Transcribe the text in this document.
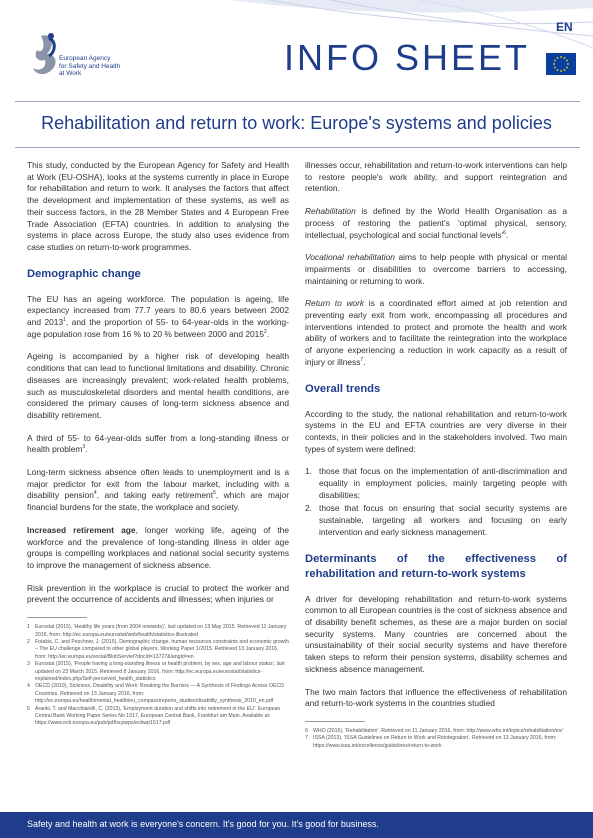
European Agency
for Safety and Health
at Work
EN
INFO SHEET
Rehabilitation and return to work: Europe's systems and policies

This study, conducted by the European Agency for Safety and Health at Work (EU-OSHA), looks at the systems currently in place in Europe for rehabilitation and return to work. It analyses the factors that affect the development and implementation of these systems, as well as their success factors, in the 28 Member States and 4 European Free Trade Association (EFTA) countries. In addition to analysing the systems in place across Europe, the study also uses evidence from case studies on return-to-work programmes.

Demographic change

The EU has an ageing workforce. The population is ageing, life expectancy increased from 77.7 years to 80.6 years between 2002 and 2013$^1$, and the proportion of 55- to 64-year-olds in the working-age population rose from 16 % to 20 % between 2000 and 2015$^2$.

Ageing is accompanied by a higher risk of developing health conditions that can lead to functional limitations and disability. Chronic diseases are increasingly prevalent; work-related health problems, such as musculoskeletal disorders and mental health conditions, are considered the primary causes of long-term sickness absence and disability retirement.

A third of 55- to 64-year-olds suffer from a long-standing illness or health problem$^3$.

Long-term sickness absence often leads to unemployment and is a major predictor for exit from the labour market, including with a disability pension$^4$, and taking early retirement$^5$, which are major financial burdens for the state, the workplace and society.

Increased retirement age, longer working life, ageing of the workforce and the prevalence of long-standing illness in older age groups is compelling workplaces and national social security systems to improve the management of sickness absence.

Risk prevention in the workplace is crucial to protect the worker and prevent the occurrence of accidents and illnesses; when injuries or

1 Eurostat (2015), 'Healthy life years (from 2004 onwards)', last updated on 13 May 2015. Retrieved 11 January 2016, from: http://ec.europa.eu/eurostat/web/health/statistics-illustrated
2 Fotakis, C. and Peschner, J. (2015), Demographic change, human resources constraints and economic growth – The EU challenge compared to other global players, Working Paper 1/2015. Retrieved 13 January 2016, from: http://ec.europa.eu/social/BlobServlet?docId=13727&langId=en
3 Eurostat (2015), 'People having a long-standing illness or health problem, by sex, age and labour status', last updated on 23 March 2015. Retrieved 8 January 2016, from: http://ec.europa.eu/eurostat/statistics-explained/index.php/Self-perceived_health_statistics
4 OECD (2010), Sickness, Disability and Work: Breaking the Barriers — A Synthesis of Findings Across OECD Countries. Retrieved on 13 January 2016, from: http://ec.europa.eu/health/mental_health/eu_compass/reports_studies/disability_synthesis_2010_en.pdf
5 Aranki, T. and Macchiarelli, C. (2013), 'Employment duration and shifts into retirement in the EU'. European Central Bank Working Paper Series No 1517, European Central Bank, Frankfurt am Main. Available at: https://www.ecb.europa.eu/pub/pdf/scpwps/ecbwp1517.pdf

illnesses occur, rehabilitation and return-to-work interventions can help to restore people's work ability, and support reintegration and retention.

Rehabilitation is defined by the World Health Organisation as a process of restoring the patient's 'optimal physical, sensory, intellectual, psychological and social functional $levels'^6$.

Vocational rehabilitation aims to help people with physical or mental impairments or disabilities to overcome barriers to accessing, maintaining or returning to work.

Return to work is a coordinated effort aimed at job retention and preventing early exit from work, encompassing all procedures and interventions intended to protect and promote the health and work ability of workers and to facilitate the reintegration into the workplace of anyone experiencing a reduction in work capacity as a result of injury or illness$^7$.

Overall trends

According to the study, the national rehabilitation and return-to-work systems in the EU and EFTA countries are very diverse in their contexts, in their policies and in the stakeholders involved. Two main types of system were defined:

1. those that focus on the implementation of anti-discrimination and equality in employment policies, mainly targeting people with disabilities;
2. those that focus on ensuring that social security systems are sustainable, targeting all workers and focusing on early intervention and early sickness management.
Determinants of the effectiveness of rehabilitation and return-to-work systems

A driver for developing rehabilitation and return-to-work systems common to all European countries is the cost of sickness absence and of disability benefit schemes, as these are a major burden on social security systems. Many countries are concerned about the unsustainability of their social security systems and have therefore taken steps to reform their pension systems, disability schemes and sickness absence management.

The two main factors that influence the effectiveness of rehabilitation and return-to-work systems in the countries studied

6 WHO (2016), 'Rehabilitation'. Retrieved on 11 January 2016, from: http://www.who.int/topics/rehabilitation/en/
7 ISSA (2013), 'ISSA Guidelines on Return to Work and Reintegration'. Retrieved on 13 January 2016, from: https://www.issa.int/excellence/guidelines/return-to-work
Safety and health at work is everyone's concern. It's good for you. It's good for business.
